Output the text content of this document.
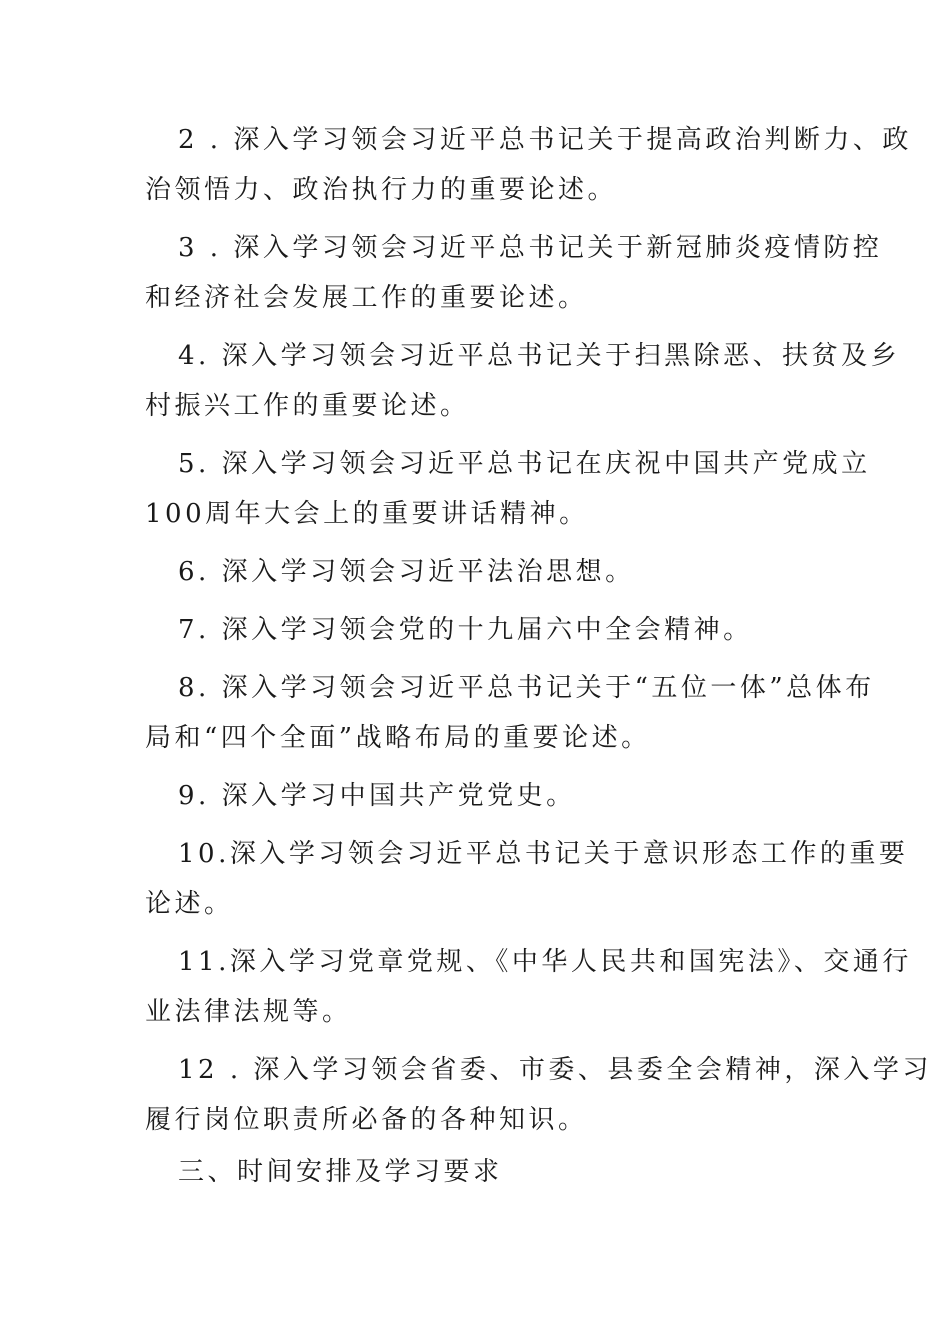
2 . 深入学习领会习近平总书记关于提高政治判断力、政
治领悟力、政治执行力的重要论述。
3 . 深入学习领会习近平总书记关于新冠肺炎疫情防控
和经济社会发展工作的重要论述。
4. 深入学习领会习近平总书记关于扫黑除恶、扶贫及乡
村振兴工作的重要论述。
5. 深入学习领会习近平总书记在庆祝中国共产党成立
100周年大会上的重要讲话精神。
6. 深入学习领会习近平法治思想。
7. 深入学习领会党的十九届六中全会精神。
8. 深入学习领会习近平总书记关于“五位一体”总体布
局和“四个全面”战略布局的重要论述。
9. 深入学习中国共产党党史。
10.深入学习领会习近平总书记关于意识形态工作的重要
论述。
11.深入学习党章党规、《中华人民共和国宪法》、交通行
业法律法规等。
12 . 深入学习领会省委、市委、县委全会精神，深入学习
履行岗位职责所必备的各种知识。
三、时间安排及学习要求
